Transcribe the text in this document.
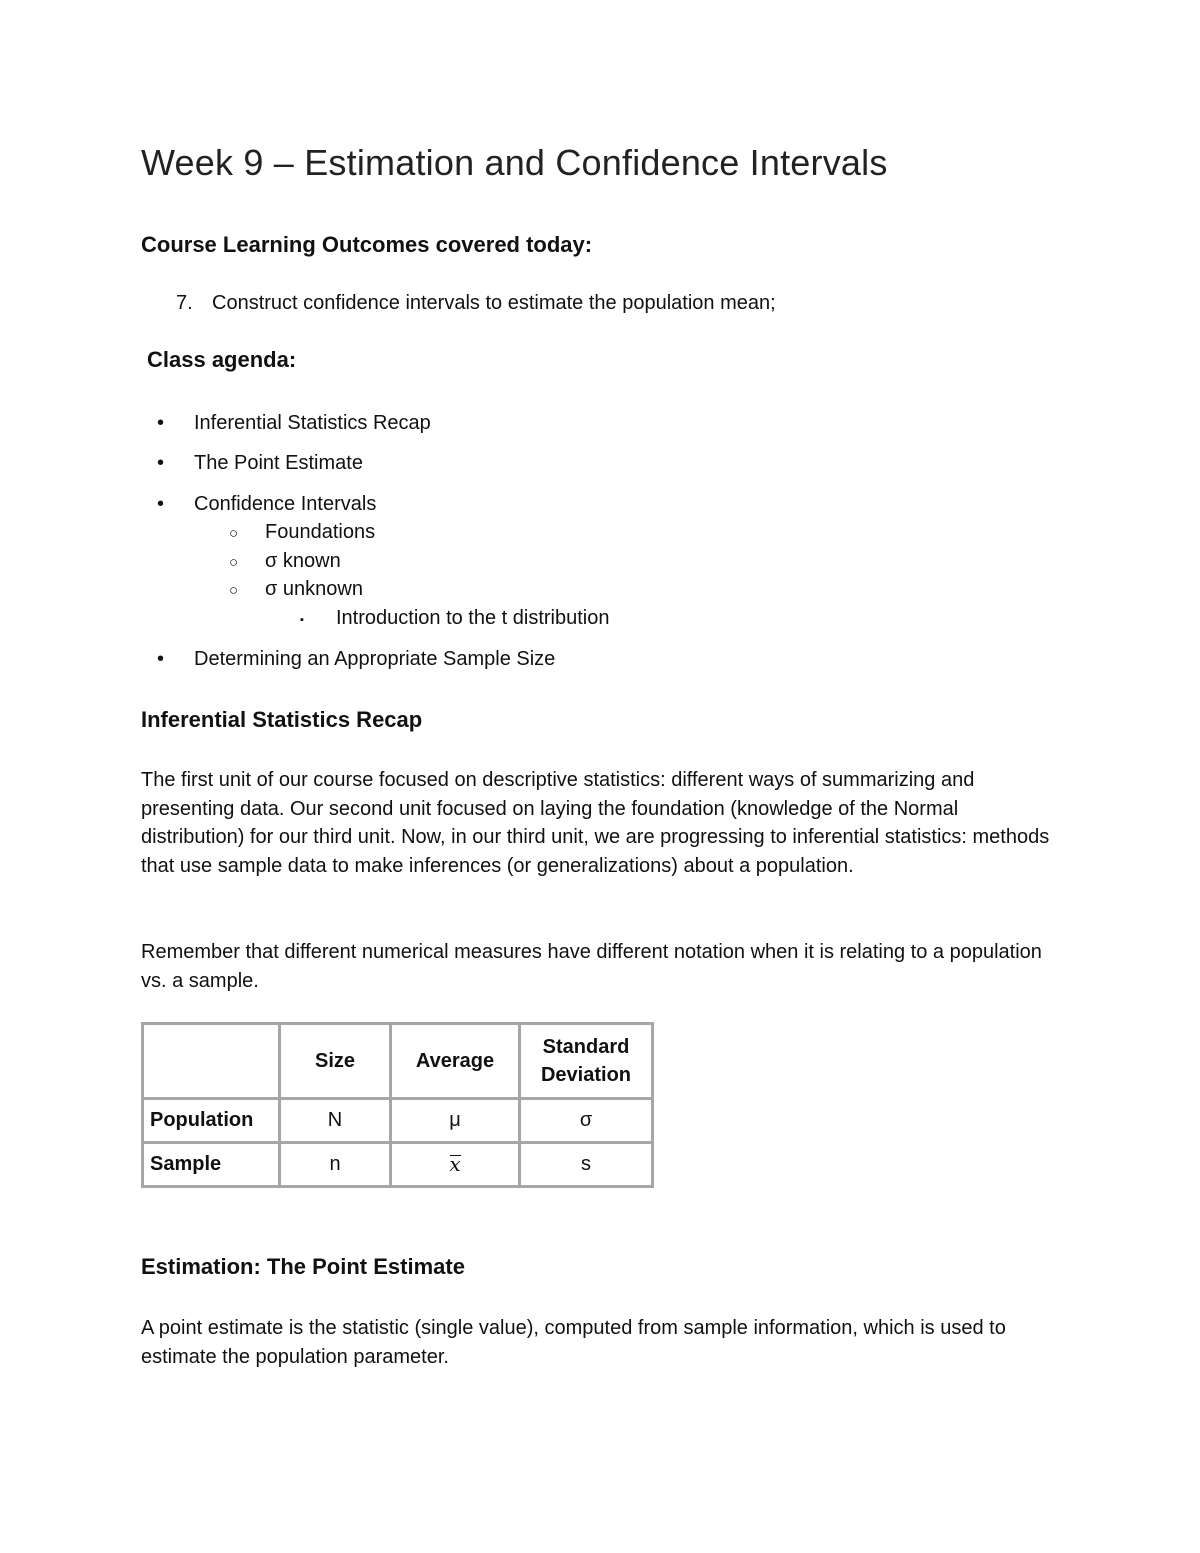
Week 9 – Estimation and Confidence Intervals
Course Learning Outcomes covered today:
7. Construct confidence intervals to estimate the population mean;
Class agenda:
• Inferential Statistics Recap
• The Point Estimate
• Confidence Intervals
○ Foundations
○ σ known
○ σ unknown
▪ Introduction to the t distribution
• Determining an Appropriate Sample Size
Inferential Statistics Recap
The first unit of our course focused on descriptive statistics: different ways of summarizing and presenting data. Our second unit focused on laying the foundation (knowledge of the Normal distribution) for our third unit. Now, in our third unit, we are progressing to inferential statistics: methods that use sample data to make inferences (or generalizations) about a population.
Remember that different numerical measures have different notation when it is relating to a population vs. a sample.
	Size	Average	Standard Deviation
Population	N	μ	σ
Sample	n	x	s
Estimation: The Point Estimate
A point estimate is the statistic (single value), computed from sample information, which is used to estimate the population parameter.
